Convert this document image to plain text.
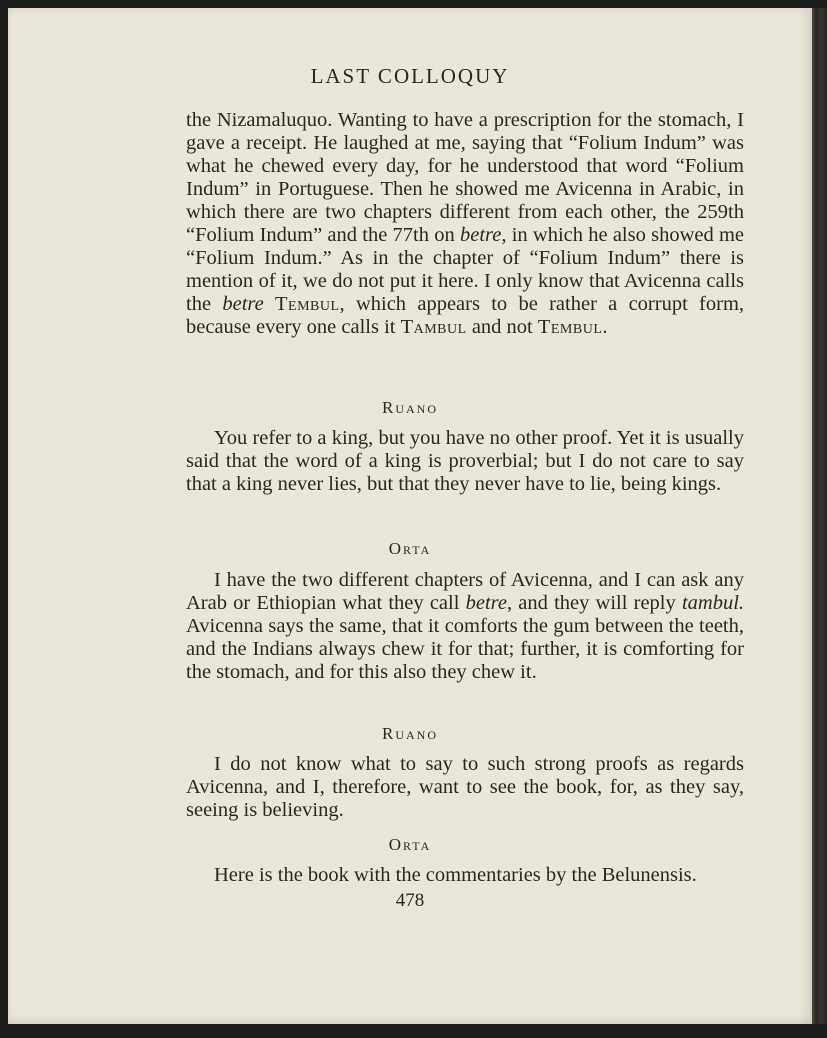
LAST COLLOQUY

the Nizamaluquo. Wanting to have a prescription for the stomach, I gave a receipt. He laughed at me, saying that “Folium Indum” was what he chewed every day, for he understood that word “Folium Indum” in Portuguese. Then he showed me Avicenna in Arabic, in which there are two chapters different from each other, the 259th “Folium Indum” and the 77th on betre, in which he also showed me “Folium Indum.” As in the chapter of “Folium Indum” there is mention of it, we do not put it here. I only know that Avicenna calls the betre Tembul, which appears to be rather a corrupt form, because every one calls it Tambul and not Tembul.

Ruano

You refer to a king, but you have no other proof. Yet it is usually said that the word of a king is proverbial; but I do not care to say that a king never lies, but that they never have to lie, being kings.

Orta

I have the two different chapters of Avicenna, and I can ask any Arab or Ethiopian what they call betre, and they will reply tambul. Avicenna says the same, that it comforts the gum between the teeth, and the Indians always chew it for that; further, it is comforting for the stomach, and for this also they chew it.

Ruano

I do not know what to say to such strong proofs as regards Avicenna, and I, therefore, want to see the book, for, as they say, seeing is believing.

Orta

Here is the book with the commentaries by the Belunensis.

478
